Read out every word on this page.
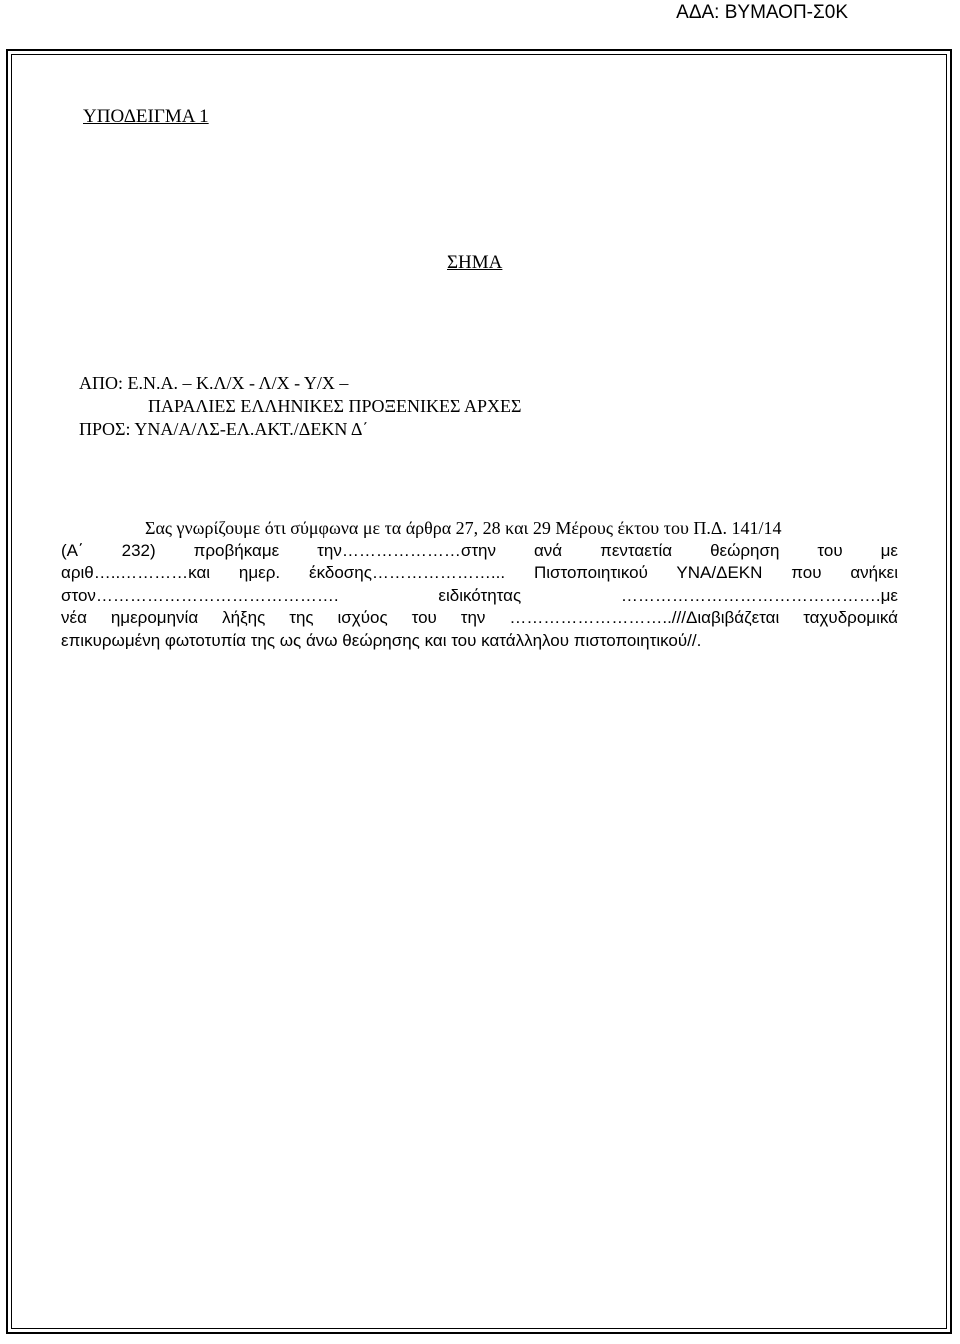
ΑΔΑ: ΒΥΜΑΟΠ-Σ0Κ
ΥΠΟΔΕΙΓΜΑ 1
ΣΗΜΑ
ΑΠΟ: Ε.Ν.Α. – Κ.Λ/Χ - Λ/Χ - Υ/Χ –
ΠΑΡΑΛΙΕΣ ΕΛΛΗΝΙΚΕΣ ΠΡΟΞΕΝΙΚΕΣ ΑΡΧΕΣ
ΠΡΟΣ: ΥΝΑ/Α/ΛΣ-ΕΛ.ΑΚΤ./ΔΕΚΝ Δ΄

Σας γνωρίζουμε ότι σύμφωνα με τα άρθρα 27, 28 και 29 Μέρους έκτου του Π.Δ. 141/14
(Α΄ 232) προβήκαμε την…………………στην ανά πενταετία θεώρηση του με
αριθ…..…………και ημερ. έκδοσης…………………... Πιστοποιητικού ΥΝΑ/ΔΕΚΝ που ανήκει
στον……………………………………. ειδικότητας ……………………………………….με
νέα ημερομηνία λήξης της ισχύος του την ………………………..///Διαβιβάζεται ταχυδρομικά
επικυρωμένη φωτοτυπία της ως άνω θεώρησης και του κατάλληλου πιστοποιητικού//.
